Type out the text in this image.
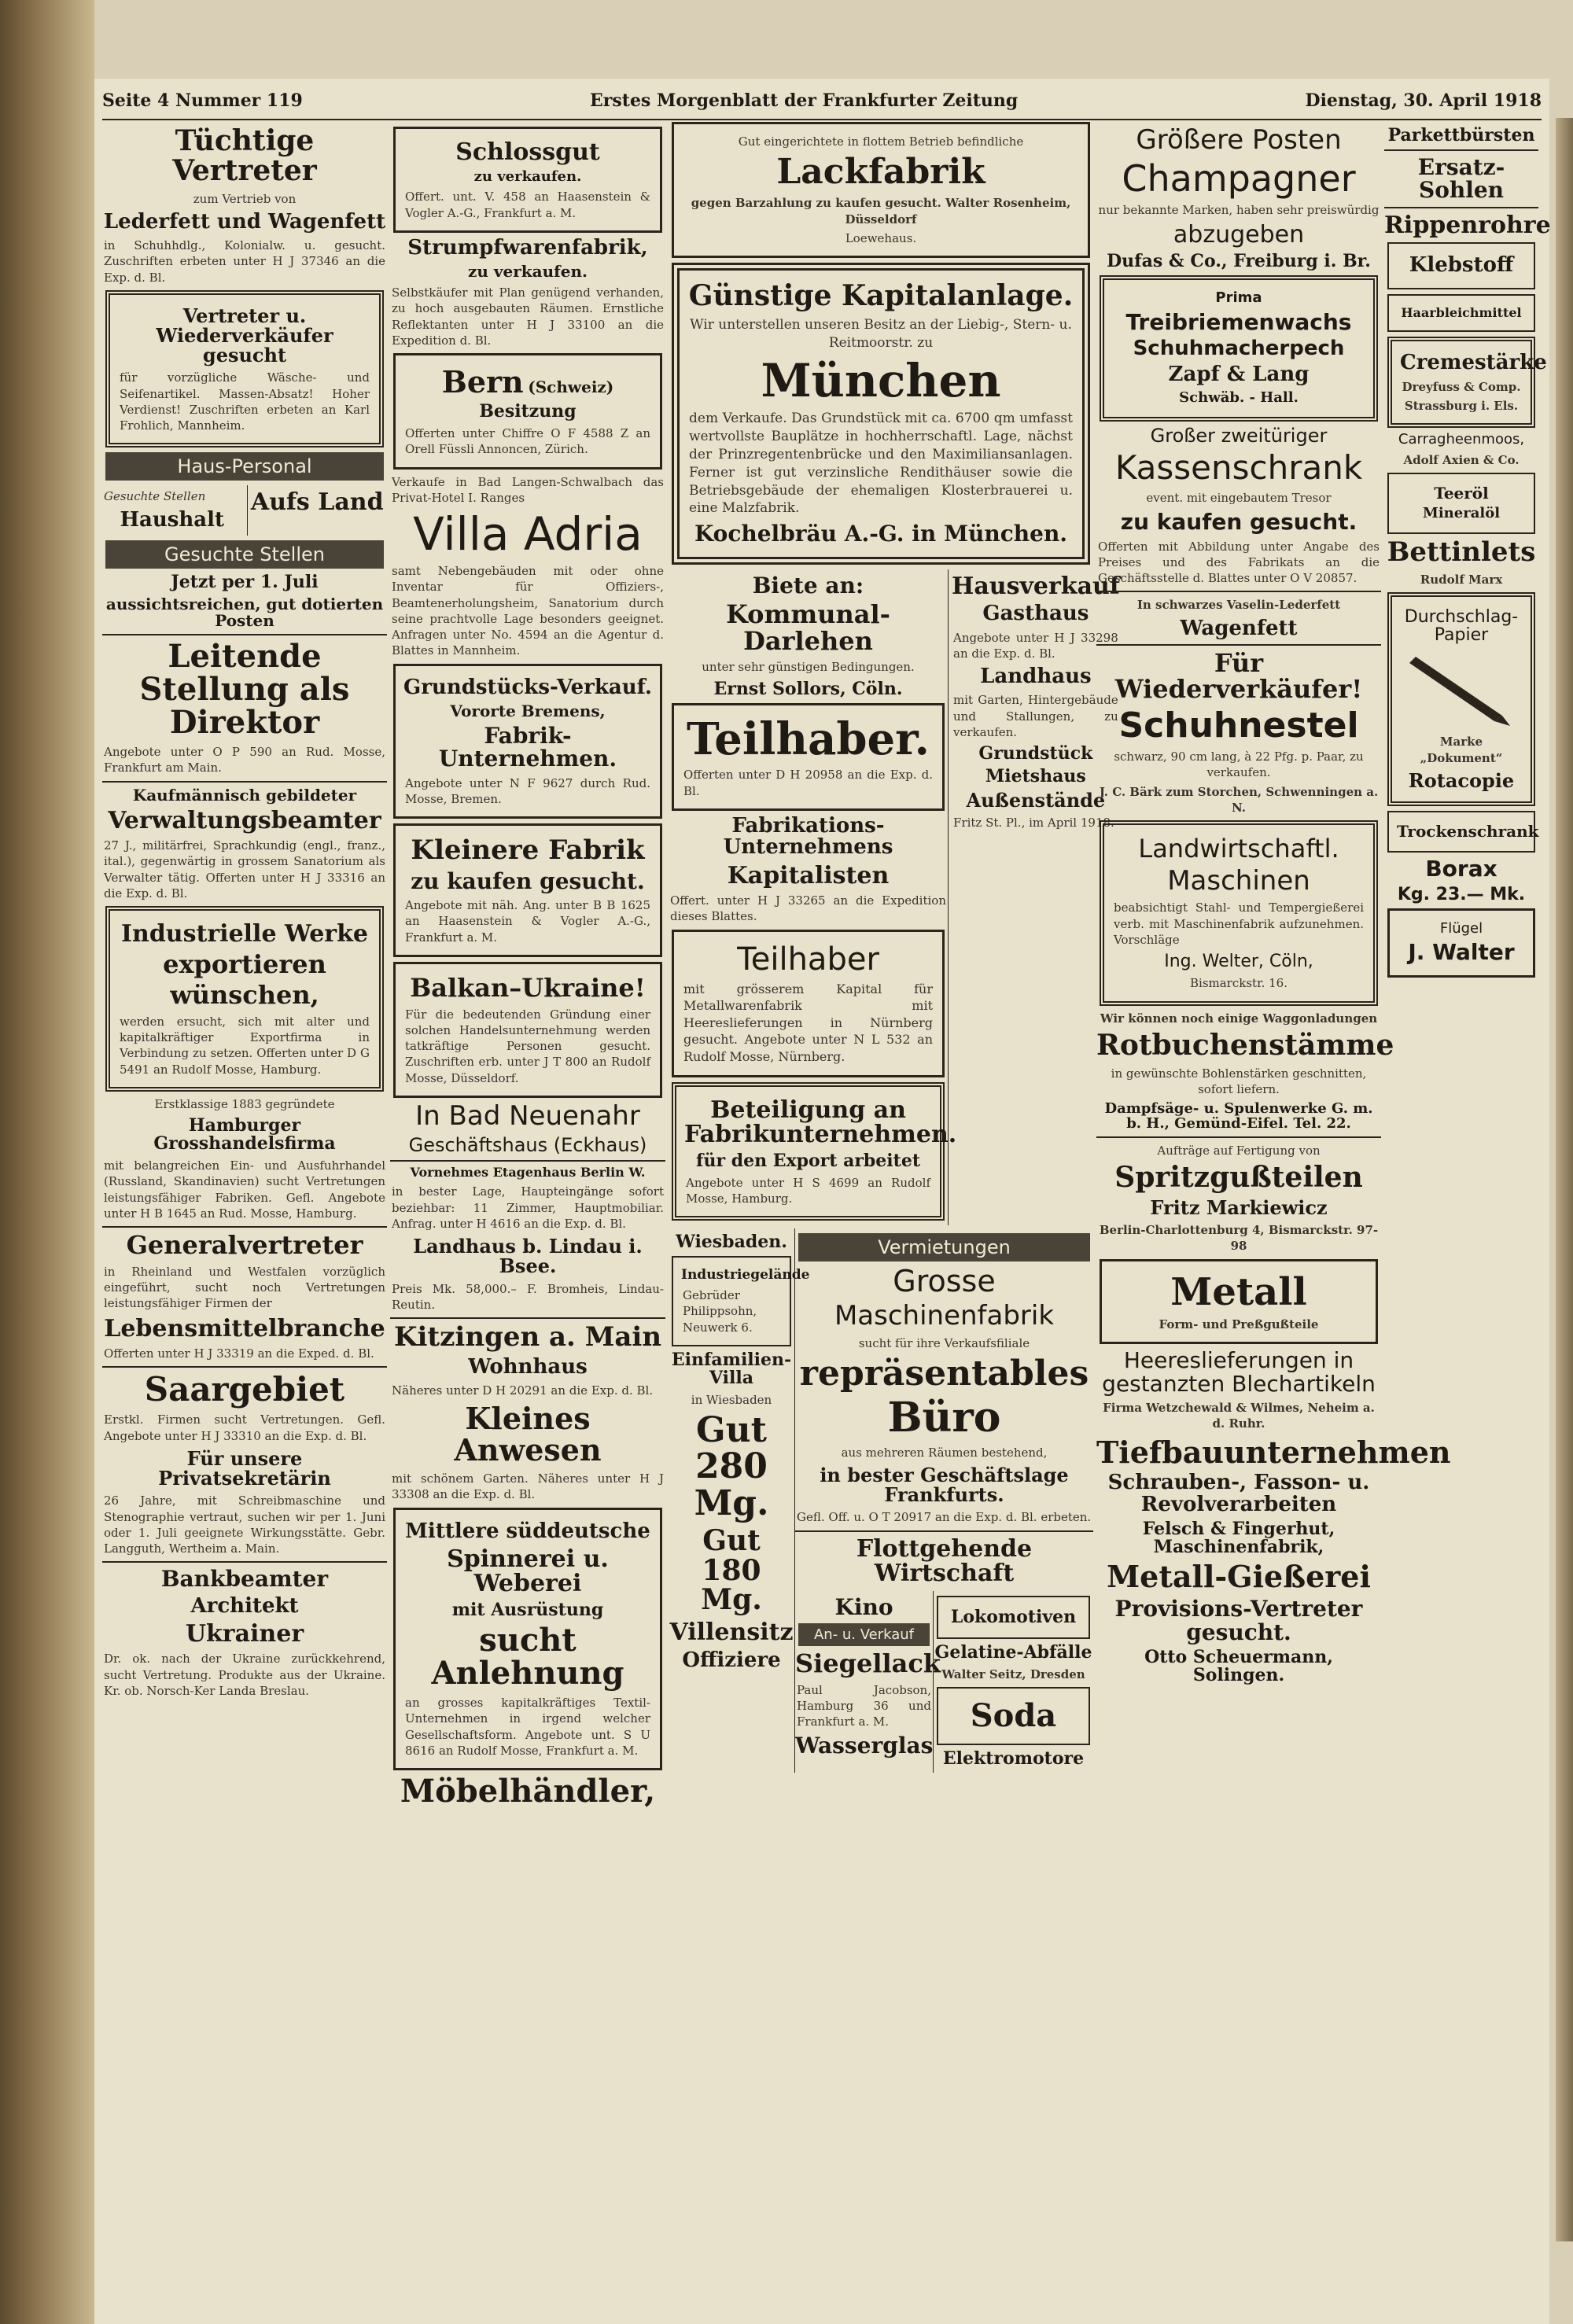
Seite 4 Nummer 119	Erstes Morgenblatt der Frankfurter Zeitung	Dienstag, 30. April 1918
Tüchtige Vertreter
zum Vertrieb von
Lederfett und Wagenfett
in Schuhhdlg., Kolonialw. u. gesucht. Zuschriften erbeten unter H J 37346 an die Exp. d. Bl.
Vertreter u. Wiederverkäufer gesucht
für vorzügliche Wäsche- und Seifenartikel. Massen-Absatz! Hoher Verdienst! Zuschriften erbeten an Karl Frohlich, Mannheim.
Haus-Personal
Gesuchte Stellen
Haushalt
Aufs Land
Gesuchte Stellen
Jetzt per 1. Juli
aussichtsreichen, gut dotierten Posten
Leitende Stellung als Direktor
Angebote unter O P 590 an Rud. Mosse, Frankfurt am Main.
Kaufmännisch gebildeter
Verwaltungsbeamter
27 J., militärfrei, Sprachkundig (engl., franz., ital.), gegenwärtig in grossem Sanatorium als Verwalter tätig. Offerten unter H J 33316 an die Exp. d. Bl.
Industrielle Werke
exportieren
wünschen,
werden ersucht, sich mit alter und kapitalkräftiger Exportfirma in Verbindung zu setzen. Offerten unter D G 5491 an Rudolf Mosse, Hamburg.
Erstklassige 1883 gegründete
Hamburger Grosshandelsfirma
mit belangreichen Ein- und Ausfuhrhandel (Russland, Skandinavien) sucht Vertretungen leistungsfähiger Fabriken. Gefl. Angebote unter H B 1645 an Rud. Mosse, Hamburg.
Generalvertreter
in Rheinland und Westfalen vorzüglich eingeführt, sucht noch Vertretungen leistungsfähiger Firmen der
Lebensmittelbranche
Offerten unter H J 33319 an die Exped. d. Bl.
Saargebiet
Erstkl. Firmen sucht Vertretungen. Gefl. Angebote unter H J 33310 an die Exp. d. Bl.
Für unsere Privatsekretärin
26 Jahre, mit Schreibmaschine und Stenographie vertraut, suchen wir per 1. Juni oder 1. Juli geeignete Wirkungsstätte. Gebr. Langguth, Wertheim a. Main.
Bankbeamter
Architekt
Ukrainer
Dr. ok. nach der Ukraine zurückkehrend, sucht Vertretung. Produkte aus der Ukraine. Kr. ob. Norsch-Ker Landa Breslau.
Schlossgut
zu verkaufen.
Offert. unt. V. 458 an Haasenstein & Vogler A.-G., Frankfurt a. M.
Strumpfwarenfabrik,
zu verkaufen.
Selbstkäufer mit Plan genügend verhanden, zu hoch ausgebauten Räumen. Ernstliche Reflektanten unter H J 33100 an die Expedition d. Bl.
Bern (Schweiz)
Besitzung
Offerten unter Chiffre O F 4588 Z an Orell Füssli Annoncen, Zürich.
Verkaufe in Bad Langen-Schwalbach das Privat-Hotel I. Ranges
Villa Adria
samt Nebengebäuden mit oder ohne Inventar für Offiziers-, Beamtenerholungsheim, Sanatorium durch seine prachtvolle Lage besonders geeignet. Anfragen unter No. 4594 an die Agentur d. Blattes in Mannheim.
Grundstücks-Verkauf.
Vororte Bremens,
Fabrik-Unternehmen.
Angebote unter N F 9627 durch Rud. Mosse, Bremen.
Kleinere Fabrik
zu kaufen gesucht.
Angebote mit näh. Ang. unter B B 1625 an Haasenstein & Vogler A.-G., Frankfurt a. M.
Balkan–Ukraine!
Für die bedeutenden Gründung einer solchen Handelsunternehmung werden tatkräftige Personen gesucht. Zuschriften erb. unter J T 800 an Rudolf Mosse, Düsseldorf.
In Bad Neuenahr
Geschäftshaus (Eckhaus)
Vornehmes Etagenhaus Berlin W.
in bester Lage, Haupteingänge sofort beziehbar: 11 Zimmer, Hauptmobiliar. Anfrag. unter H 4616 an die Exp. d. Bl.
Landhaus b. Lindau i. Bsee.
Preis Mk. 58,000.– F. Bromheis, Lindau-Reutin.
Kitzingen a. Main
Wohnhaus
Näheres unter D H 20291 an die Exp. d. Bl.
Kleines Anwesen
mit schönem Garten. Näheres unter H J 33308 an die Exp. d. Bl.
Mittlere süddeutsche
Spinnerei u. Weberei
mit Ausrüstung
sucht Anlehnung
an grosses kapitalkräftiges Textil-Unternehmen in irgend welcher Gesellschaftsform. Angebote unt. S U 8616 an Rudolf Mosse, Frankfurt a. M.
Möbelhändler,
Gut eingerichtete in flottem Betrieb befindliche
Lackfabrik
gegen Barzahlung zu kaufen gesucht. Walter Rosenheim, Düsseldorf
Loewehaus.
Günstige Kapitalanlage.
Wir unterstellen unseren Besitz an der Liebig-, Stern- u. Reitmoorstr. zu
München
dem Verkaufe. Das Grundstück mit ca. 6700 qm umfasst wertvollste Bauplätze in hochherrschaftl. Lage, nächst der Prinzregentenbrücke und den Maximiliansanlagen. Ferner ist gut verzinsliche Rendithäuser sowie die Betriebsgebäude der ehemaligen Klosterbrauerei u. eine Malzfabrik.
Kochelbräu A.-G. in München.
Biete an:
Kommunal-Darlehen
unter sehr günstigen Bedingungen.
Ernst Sollors, Cöln.
Teilhaber.
Offerten unter D H 20958 an die Exp. d. Bl.
Fabrikations-Unternehmens
Kapitalisten
Offert. unter H J 33265 an die Expedition dieses Blattes.
Teilhaber
mit grösserem Kapital für Metallwarenfabrik mit Heereslieferungen in Nürnberg gesucht. Angebote unter N L 532 an Rudolf Mosse, Nürnberg.
Beteiligung an Fabrikunternehmen.
für den Export arbeitet
Angebote unter H S 4699 an Rudolf Mosse, Hamburg.
Hausverkauf
Gasthaus
Angebote unter H J 33298 an die Exp. d. Bl.
Landhaus
mit Garten, Hintergebäude und Stallungen, zu verkaufen.
Grundstück
Mietshaus
Außenstände
Fritz St. Pl., im April 1918.
Wiesbaden.
Industriegelände
Gebrüder Philippsohn, Neuwerk 6.
Einfamilien-Villa
in Wiesbaden
Gut 280 Mg.
Gut 180 Mg.
Villensitz
Offiziere
Vermietungen
Grosse
Maschinenfabrik
sucht für ihre Verkaufsfiliale
repräsentables
Büro
aus mehreren Räumen bestehend,
in bester Geschäftslage Frankfurts.
Gefl. Off. u. O T 20917 an die Exp. d. Bl. erbeten.
Flottgehende Wirtschaft
Kino
An- u. Verkauf
Siegellack
Paul Jacobson, Hamburg 36 und Frankfurt a. M.
Wasserglas
Lokomotiven
Gelatine-Abfälle
Walter Seitz, Dresden
Soda
Elektromotore
Größere Posten
Champagner
nur bekannte Marken, haben sehr preiswürdig
abzugeben
Dufas & Co., Freiburg i. Br.
Prima
Treibriemenwachs
Schuhmacherpech
Zapf & Lang
Schwäb. - Hall.
Großer zweitüriger
Kassenschrank
event. mit eingebautem Tresor
zu kaufen gesucht.
Offerten mit Abbildung unter Angabe des Preises und des Fabrikats an die Geschäftsstelle d. Blattes unter O V 20857.
In schwarzes Vaselin-Lederfett
Wagenfett
Für Wiederverkäufer!
Schuhnestel
schwarz, 90 cm lang, à 22 Pfg. p. Paar, zu verkaufen.
J. C. Bärk zum Storchen, Schwenningen a. N.
Landwirtschaftl.
Maschinen
beabsichtigt Stahl- und Tempergießerei verb. mit Maschinenfabrik aufzunehmen. Vorschläge
Ing. Welter, Cöln,
Bismarckstr. 16.
Wir können noch einige Waggonladungen
Rotbuchenstämme
in gewünschte Bohlenstärken geschnitten, sofort liefern.
Dampfsäge- u. Spulenwerke G. m. b. H., Gemünd-Eifel. Tel. 22.
Aufträge auf Fertigung von
Spritzgußteilen
Fritz Markiewicz
Berlin-Charlottenburg 4, Bismarckstr. 97-98
Metall
Form- und Preßgußteile
Heereslieferungen in gestanzten Blechartikeln
Firma Wetzchewald & Wilmes, Neheim a. d. Ruhr.
Tiefbauunternehmen
Schrauben-, Fasson- u. Revolverarbeiten
Felsch & Fingerhut, Maschinenfabrik,
Metall-Gießerei
Provisions-Vertreter gesucht.
Otto Scheuermann, Solingen.
Parkettbürsten
Ersatz-Sohlen
Rippenrohre
Klebstoff
Haarbleichmittel
Cremestärke
Dreyfuss & Comp.
Strassburg i. Els.
Carragheenmoos,
Adolf Axien & Co.
Teeröl
Mineralöl
Bettinlets
Rudolf Marx
Durchschlag-Papier
Marke „Dokument“
Rotacopie
Trockenschrank
Borax
Kg. 23.— Mk.
Flügel
J. Walter
